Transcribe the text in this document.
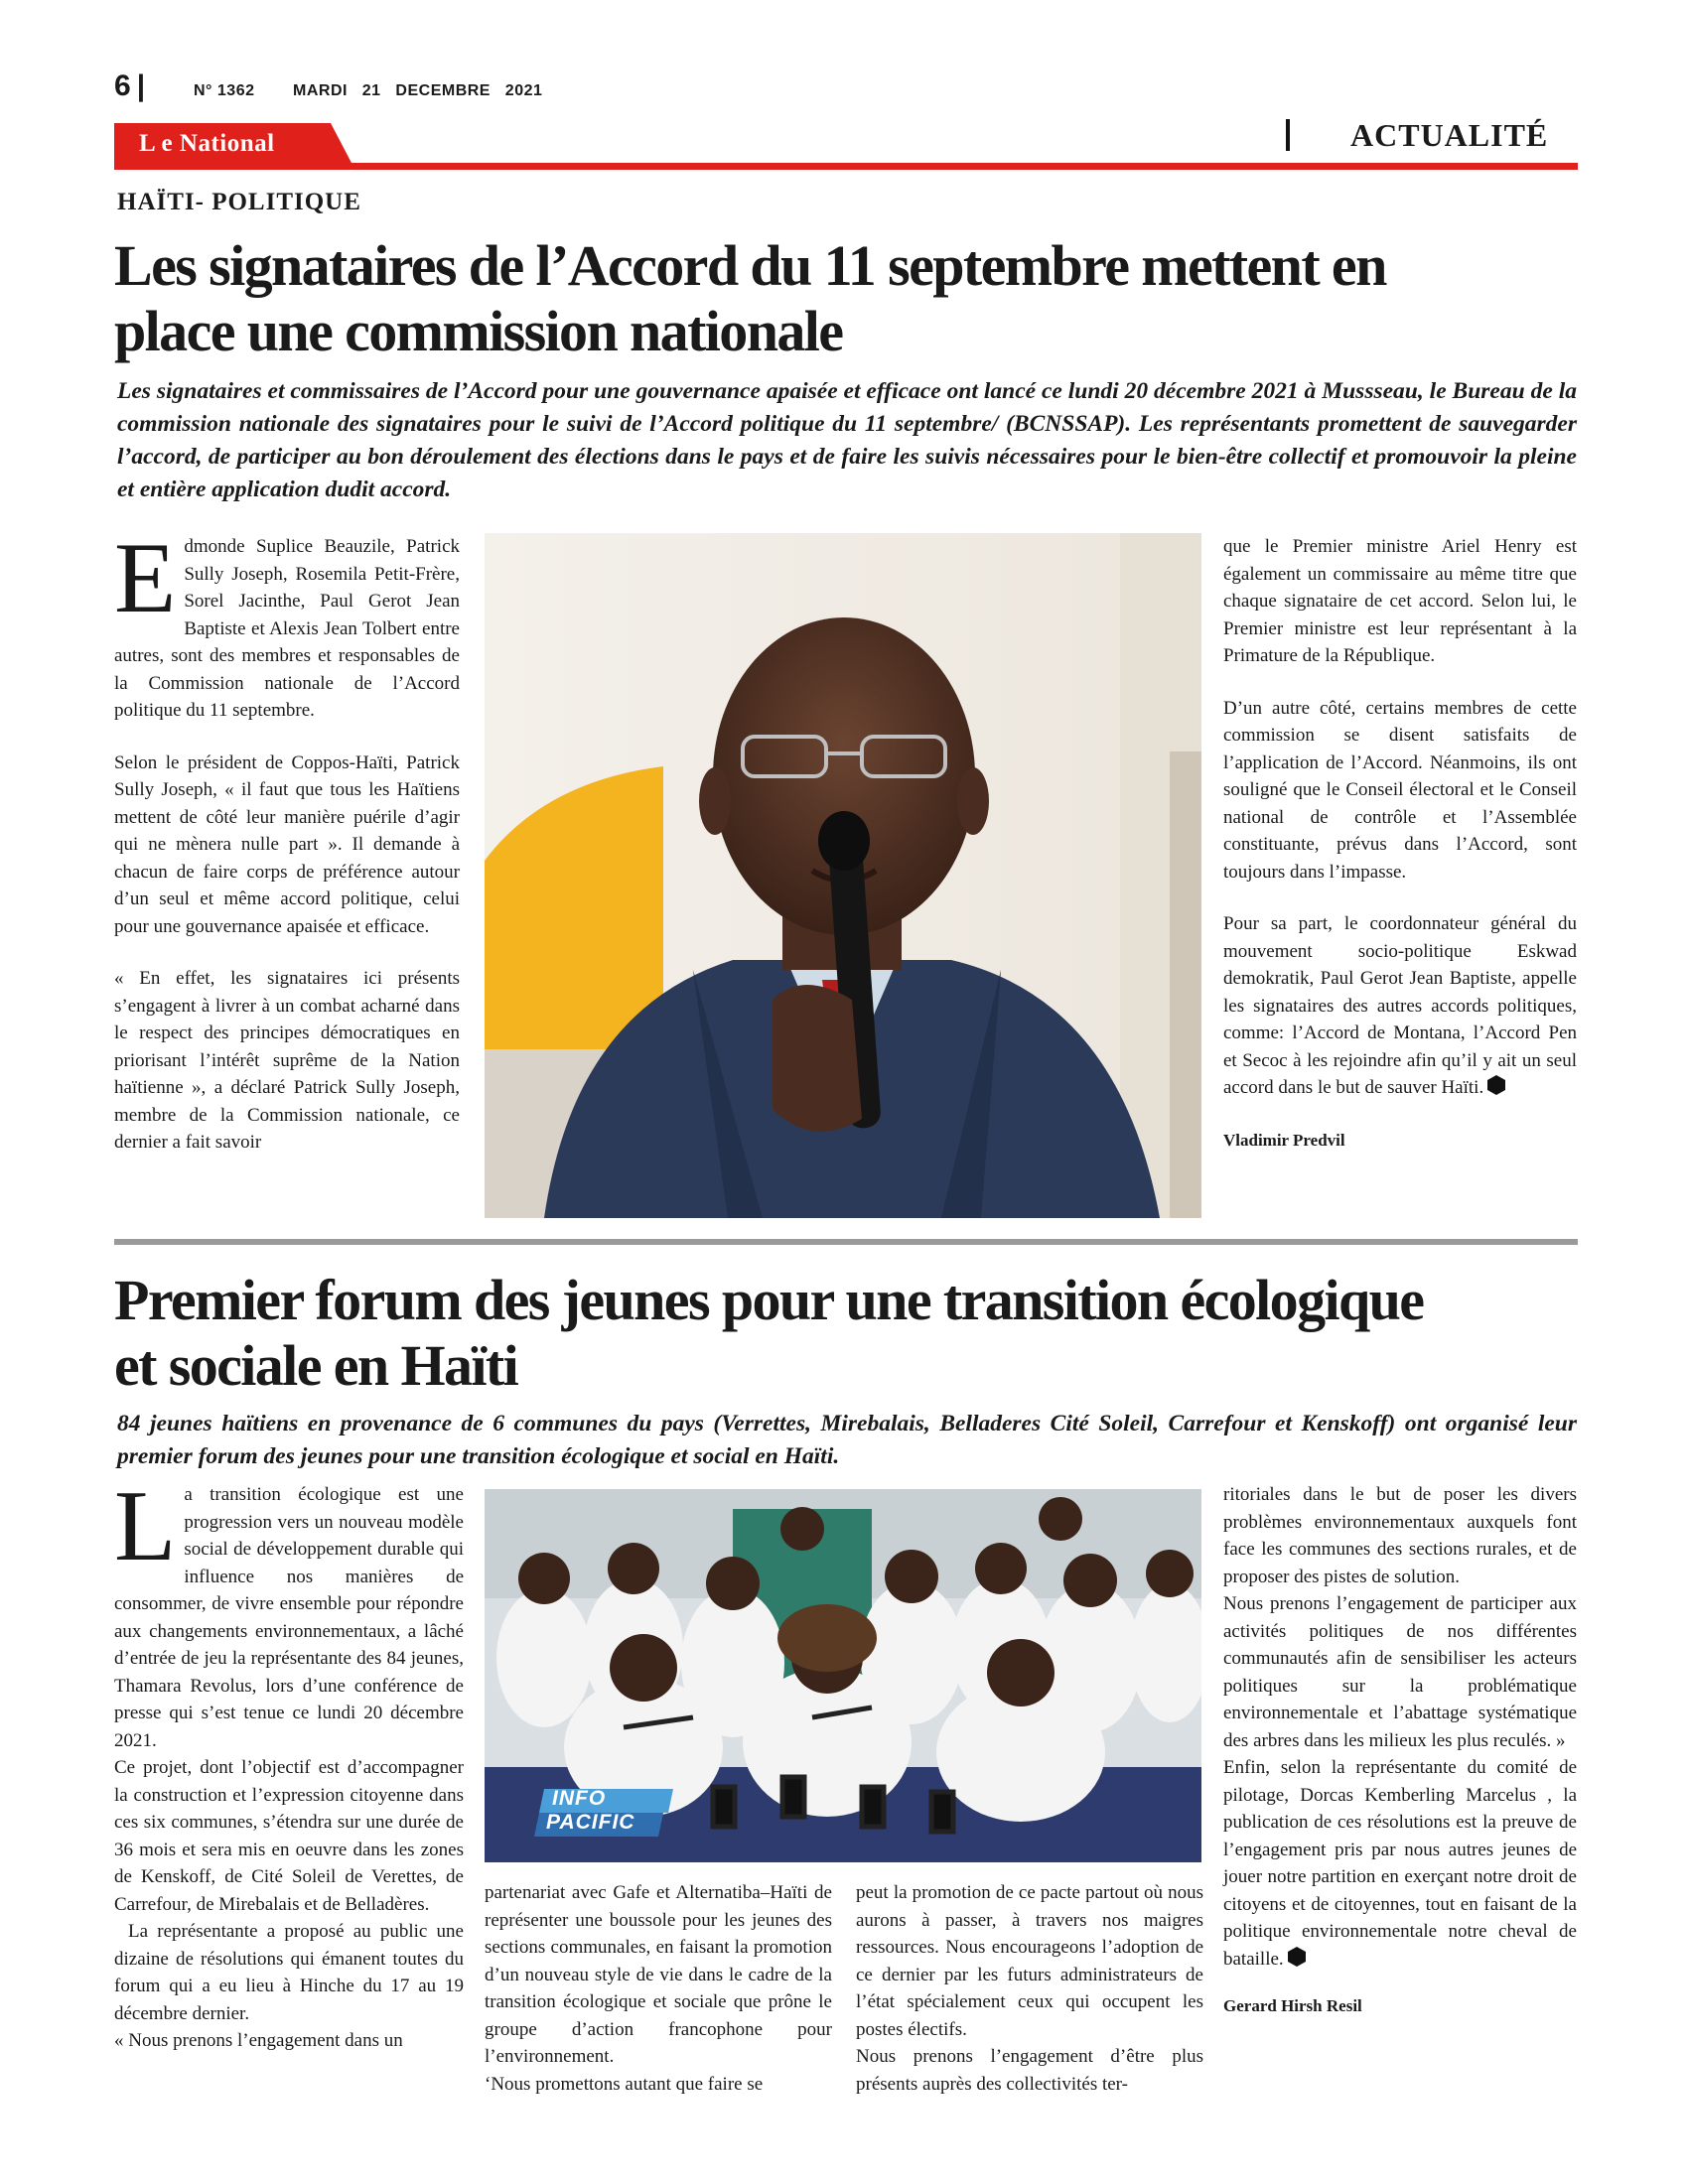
6 |	N° 1362 MARDI   21   DECEMBRE   2021
L e National	ACTUALITÉ
HAÏTI- POLITIQUE
Les signataires de l’Accord du 11 septembre mettent en
place une commission nationale
Les signataires et commissaires de l’Accord pour une gouvernance apaisée et efficace ont lancé ce lundi 20 décembre 2021 à Mussseau, le Bureau de la commission nationale des signataires pour le suivi de l’Accord politique du 11 septembre/ (BCNSSAP). Les représentants promettent de sauvegarder l’accord, de participer au bon déroulement des élections dans le pays et de faire les suivis nécessaires pour le bien-être collectif et promouvoir la pleine et entière application dudit accord.

Edmonde Suplice Beauzile, Patrick Sully Joseph, Rosemila Petit-Frère, Sorel Jacinthe, Paul Gerot Jean Baptiste et Alexis Jean Tolbert entre autres, sont des membres et responsables de la Commission nationale de l’Accord politique du 11 septembre.

Selon le président de Coppos-Haïti, Patrick Sully Joseph, « il faut que tous les Haïtiens mettent de côté leur manière puérile d’agir qui ne mènera nulle part ». Il demande à chacun de faire corps de préférence autour d’un seul et même accord politique, celui pour une gouvernance apaisée et efficace.

« En effet, les signataires ici présents s’engagent à livrer à un combat acharné dans le respect des principes démocratiques en priorisant l’intérêt suprême de la Nation haïtienne », a déclaré Patrick Sully Joseph, membre de la Commission nationale, ce dernier a fait savoir

que le Premier ministre Ariel Henry est également un commissaire au même titre que chaque signataire de cet accord. Selon lui, le Premier ministre est leur représentant à la Primature de la République.

D’un autre côté, certains membres de cette commission se disent satisfaits de l’application de l’Accord. Néanmoins, ils ont souligné que le Conseil électoral et le Conseil national de contrôle et l’Assemblée constituante, prévus dans l’Accord, sont toujours dans l’impasse.

Pour sa part, le coordonnateur général du mouvement socio-politique Eskwad demokratik, Paul Gerot Jean Baptiste, appelle les signataires des autres accords politiques, comme: l’Accord de Montana, l’Accord Pen et Secoc à les rejoindre afin qu’il y ait un seul accord dans le but de sauver Haïti.

Vladimir Predvil
Premier forum des jeunes pour une transition écologique
et sociale en Haïti
84 jeunes haïtiens en provenance de 6 communes du pays (Verrettes, Mirebalais, Belladeres Cité Soleil, Carrefour et Kenskoff) ont organisé leur premier forum des jeunes pour une transition écologique et social en Haïti.

La transition écologique est une progression vers un nouveau modèle social de développement durable qui influence nos manières de consommer, de vivre ensemble pour répondre aux changements environnementaux, a lâché d’entrée de jeu la représentante des 84 jeunes, Thamara Revolus, lors d’une conférence de presse qui s’est tenue ce lundi 20 décembre 2021.

Ce projet, dont l’objectif est d’accompagner la construction et l’expression citoyenne dans ces six communes, s’étendra sur une durée de 36 mois et sera mis en oeuvre dans les zones de Kenskoff, de Cité Soleil de Verettes, de Carrefour, de Mirebalais et de Belladères.

La représentante a proposé au public une dizaine de résolutions qui émanent toutes du forum qui a eu lieu à Hinche du 17 au 19 décembre dernier.

« Nous prenons l’engagement dans un

INFO
PACIFIC

partenariat avec Gafe et Alternatiba–Haïti de représenter une boussole pour les jeunes des sections communales, en faisant la promotion d’un nouveau style de vie dans le cadre de la transition écologique et sociale que prône le groupe d’action francophone pour l’environnement.

‘Nous promettons autant que faire se

peut la promotion de ce pacte partout où nous aurons à passer, à travers nos maigres ressources. Nous encourageons l’adoption de ce dernier par les futurs administrateurs de l’état spécialement ceux qui occupent les postes électifs.

Nous prenons l’engagement d’être plus présents auprès des collectivités ter-

ritoriales dans le but de poser les divers problèmes environnementaux auxquels font face les communes des sections rurales, et de proposer des pistes de solution.

Nous prenons l’engagement de participer aux activités politiques de nos différentes communautés afin de sensibiliser les acteurs politiques sur la problématique environnementale et l’abattage systématique des arbres dans les milieux les plus reculés. »

Enfin, selon la représentante du comité de pilotage, Dorcas Kemberling Marcelus , la publication de ces résolutions est la preuve de l’engagement pris par nous autres jeunes de jouer notre partition en exerçant notre droit de citoyens et de citoyennes, tout en faisant de la politique environnementale notre cheval de bataille.

Gerard Hirsh Resil
